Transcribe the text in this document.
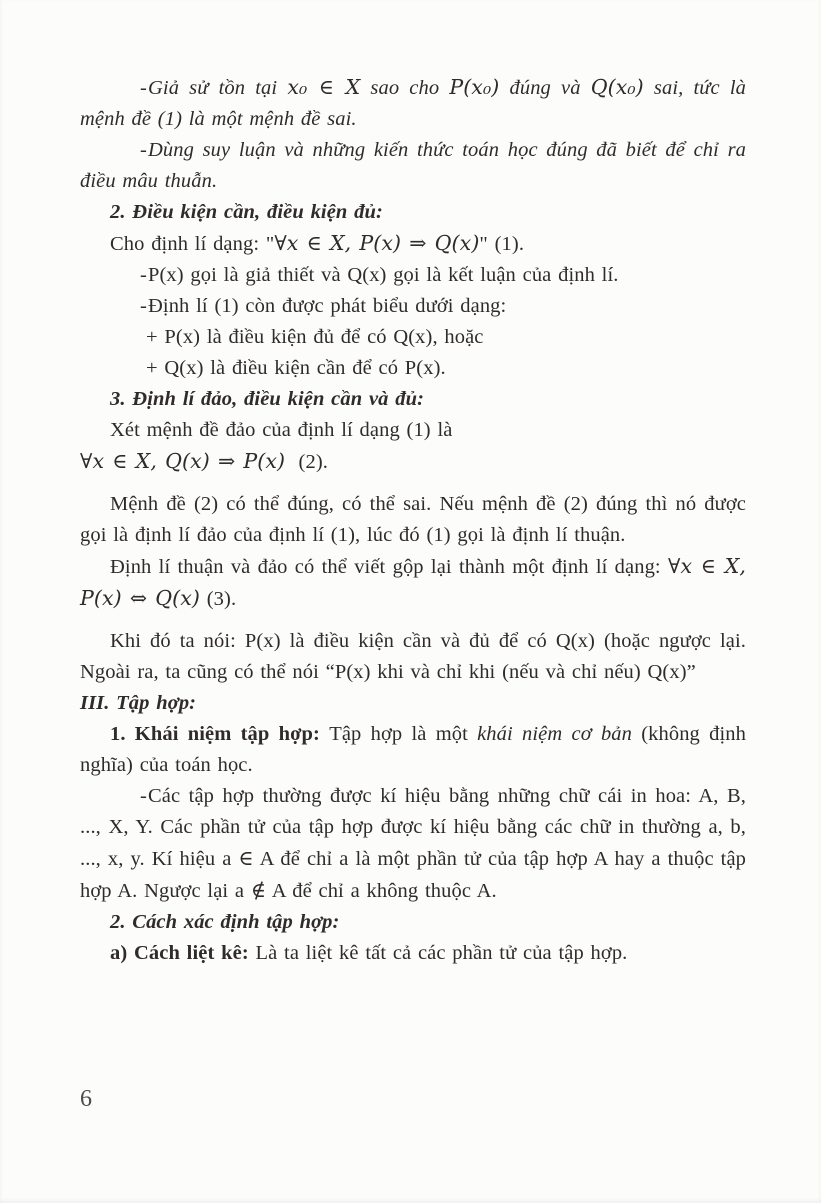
-Giả sử tồn tại x₀ ∈ X sao cho P(x₀) đúng và Q(x₀) sai, tức là mệnh đề (1) là một mệnh đề sai.

-Dùng suy luận và những kiến thức toán học đúng đã biết để chỉ ra điều mâu thuẫn.

2. Điều kiện cần, điều kiện đủ:

Cho định lí dạng: "∀x ∈ X, P(x) ⇒ Q(x)" (1).

-P(x) gọi là giả thiết và Q(x) gọi là kết luận của định lí.

-Định lí (1) còn được phát biểu dưới dạng:

+ P(x) là điều kiện đủ để có Q(x), hoặc

+ Q(x) là điều kiện cần để có P(x).

3. Định lí đảo, điều kiện cần và đủ:

Xét mệnh đề đảo của định lí dạng (1) là

∀x ∈ X, Q(x) ⇒ P(x)  (2).

Mệnh đề (2) có thể đúng, có thể sai. Nếu mệnh đề (2) đúng thì nó được gọi là định lí đảo của định lí (1), lúc đó (1) gọi là định lí thuận.

Định lí thuận và đảo có thể viết gộp lại thành một định lí dạng: ∀x ∈ X, P(x) ⇔ Q(x) (3).

Khi đó ta nói: P(x) là điều kiện cần và đủ để có Q(x) (hoặc ngược lại. Ngoài ra, ta cũng có thể nói “P(x) khi và chỉ khi (nếu và chỉ nếu) Q(x)”

III. Tập hợp:

1. Khái niệm tập hợp: Tập hợp là một khái niệm cơ bản (không định nghĩa) của toán học.

-Các tập hợp thường được kí hiệu bằng những chữ cái in hoa: A, B, ..., X, Y. Các phần tử của tập hợp được kí hiệu bằng các chữ in thường a, b, ..., x, y. Kí hiệu a ∈ A để chỉ a là một phần tử của tập hợp A hay a thuộc tập hợp A. Ngược lại a ∉ A để chỉ a không thuộc A.

2. Cách xác định tập hợp:

a) Cách liệt kê: Là ta liệt kê tất cả các phần tử của tập hợp.

6
